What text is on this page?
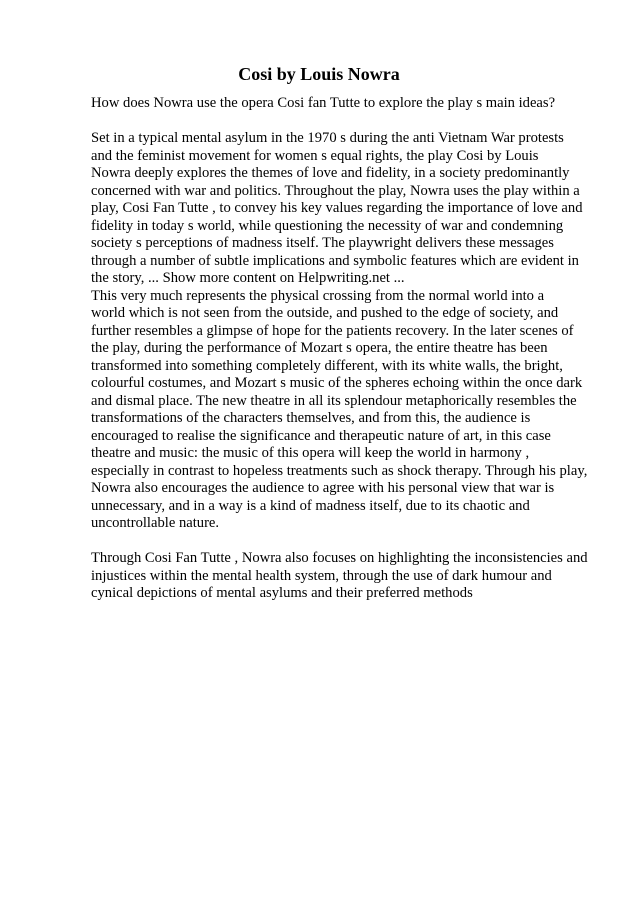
Cosi by Louis Nowra
How does Nowra use the opera Cosi fan Tutte to explore the play s main ideas?
Set in a typical mental asylum in the 1970 s during the anti Vietnam War protests
and the feminist movement for women s equal rights, the play Cosi by Louis
Nowra deeply explores the themes of love and fidelity, in a society predominantly
concerned with war and politics. Throughout the play, Nowra uses the play within a
play, Cosi Fan Tutte , to convey his key values regarding the importance of love and
fidelity in today s world, while questioning the necessity of war and condemning
society s perceptions of madness itself. The playwright delivers these messages
through a number of subtle implications and symbolic features which are evident in
the story, ... Show more content on Helpwriting.net ...
This very much represents the physical crossing from the normal world into a
world which is not seen from the outside, and pushed to the edge of society, and
further resembles a glimpse of hope for the patients recovery. In the later scenes of
the play, during the performance of Mozart s opera, the entire theatre has been
transformed into something completely different, with its white walls, the bright,
colourful costumes, and Mozart s music of the spheres echoing within the once dark
and dismal place. The new theatre in all its splendour metaphorically resembles the
transformations of the characters themselves, and from this, the audience is
encouraged to realise the significance and therapeutic nature of art, in this case
theatre and music: the music of this opera will keep the world in harmony ,
especially in contrast to hopeless treatments such as shock therapy. Through his play,
Nowra also encourages the audience to agree with his personal view that war is
unnecessary, and in a way is a kind of madness itself, due to its chaotic and
uncontrollable nature.
Through Cosi Fan Tutte , Nowra also focuses on highlighting the inconsistencies and
injustices within the mental health system, through the use of dark humour and
cynical depictions of mental asylums and their preferred methods
